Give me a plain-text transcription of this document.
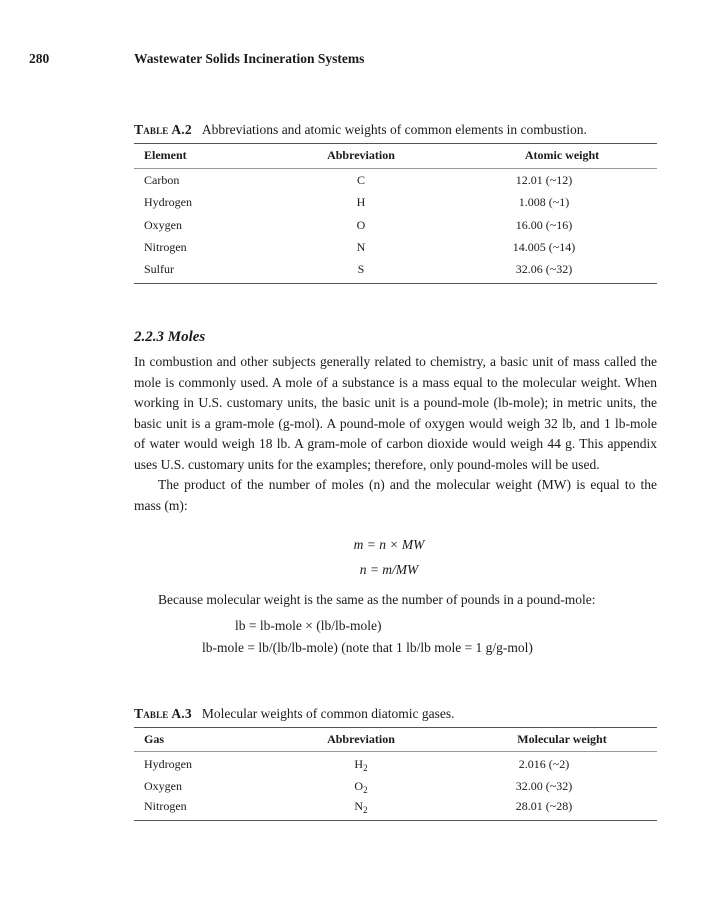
280	Wastewater Solids Incineration Systems
Table A.2 Abbreviations and atomic weights of common elements in combustion.
Element	Abbreviation	Atomic weight
Carbon	C	12.01 (~12)
Hydrogen	H	1.008 (~1)
Oxygen	O	16.00 (~16)
Nitrogen	N	14.005 (~14)
Sulfur	S	32.06 (~32)
2.2.3 Moles

In combustion and other subjects generally related to chemistry, a basic unit of mass called the mole is commonly used. A mole of a substance is a mass equal to the molecular weight. When working in U.S. customary units, the basic unit is a pound-mole (lb-mole); in metric units, the basic unit is a gram-mole (g-mol). A pound-mole of oxygen would weigh 32 lb, and 1 lb-mole of water would weigh 18 lb. A gram-mole of carbon dioxide would weigh 44 g. This appendix uses U.S. customary units for the examples; therefore, only pound-moles will be used.

The product of the number of moles (n) and the molecular weight (MW) is equal to the mass (m):

m = n × MW
n = m/MW
Because molecular weight is the same as the number of pounds in a pound-mole:
lb = lb-mole × (lb/lb-mole)
lb-mole = lb/(lb/lb-mole) (note that 1 lb/lb mole = 1 g/g-mol)
Table A.3 Molecular weights of common diatomic gases.
Gas	Abbreviation	Molecular weight
Hydrogen	$H_2$	2.016 (~2)
Oxygen	$O_2$	32.00 (~32)
Nitrogen	$N_2$	28.01 (~28)
